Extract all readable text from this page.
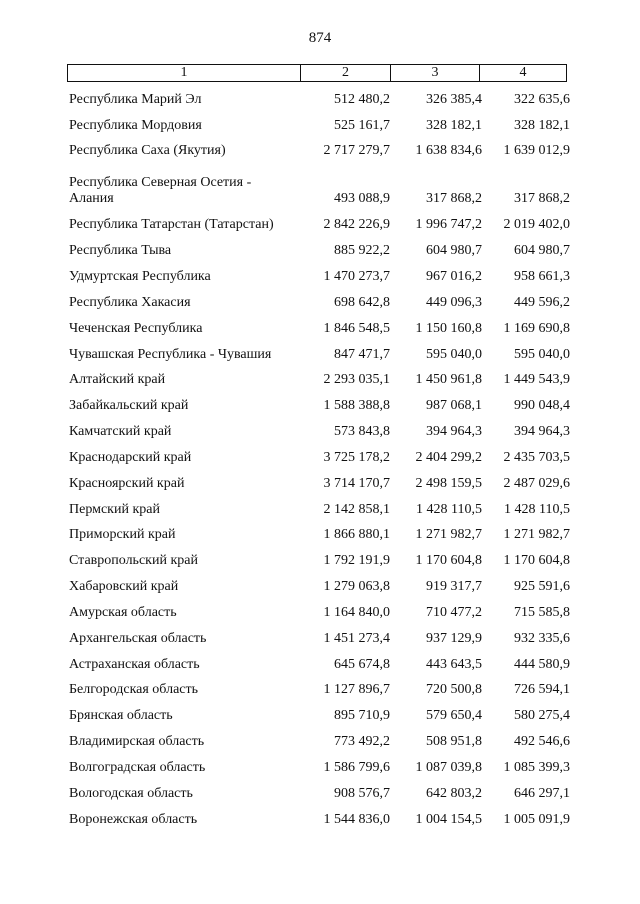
874
1	2	3	4
Республика Марий Эл	512 480,2	326 385,4	322 635,6
Республика Мордовия	525 161,7	328 182,1	328 182,1
Республика Саха (Якутия)	2 717 279,7	1 638 834,6	1 639 012,9
Республика Северная Осетия -
Алания	493 088,9	317 868,2	317 868,2
Республика Татарстан (Татарстан)	2 842 226,9	1 996 747,2	2 019 402,0
Республика Тыва	885 922,2	604 980,7	604 980,7
Удмуртская Республика	1 470 273,7	967 016,2	958 661,3
Республика Хакасия	698 642,8	449 096,3	449 596,2
Чеченская Республика	1 846 548,5	1 150 160,8	1 169 690,8
Чувашская Республика - Чувашия	847 471,7	595 040,0	595 040,0
Алтайский край	2 293 035,1	1 450 961,8	1 449 543,9
Забайкальский край	1 588 388,8	987 068,1	990 048,4
Камчатский край	573 843,8	394 964,3	394 964,3
Краснодарский край	3 725 178,2	2 404 299,2	2 435 703,5
Красноярский край	3 714 170,7	2 498 159,5	2 487 029,6
Пермский край	2 142 858,1	1 428 110,5	1 428 110,5
Приморский край	1 866 880,1	1 271 982,7	1 271 982,7
Ставропольский край	1 792 191,9	1 170 604,8	1 170 604,8
Хабаровский край	1 279 063,8	919 317,7	925 591,6
Амурская область	1 164 840,0	710 477,2	715 585,8
Архангельская область	1 451 273,4	937 129,9	932 335,6
Астраханская область	645 674,8	443 643,5	444 580,9
Белгородская область	1 127 896,7	720 500,8	726 594,1
Брянская область	895 710,9	579 650,4	580 275,4
Владимирская область	773 492,2	508 951,8	492 546,6
Волгоградская область	1 586 799,6	1 087 039,8	1 085 399,3
Вологодская область	908 576,7	642 803,2	646 297,1
Воронежская область	1 544 836,0	1 004 154,5	1 005 091,9
